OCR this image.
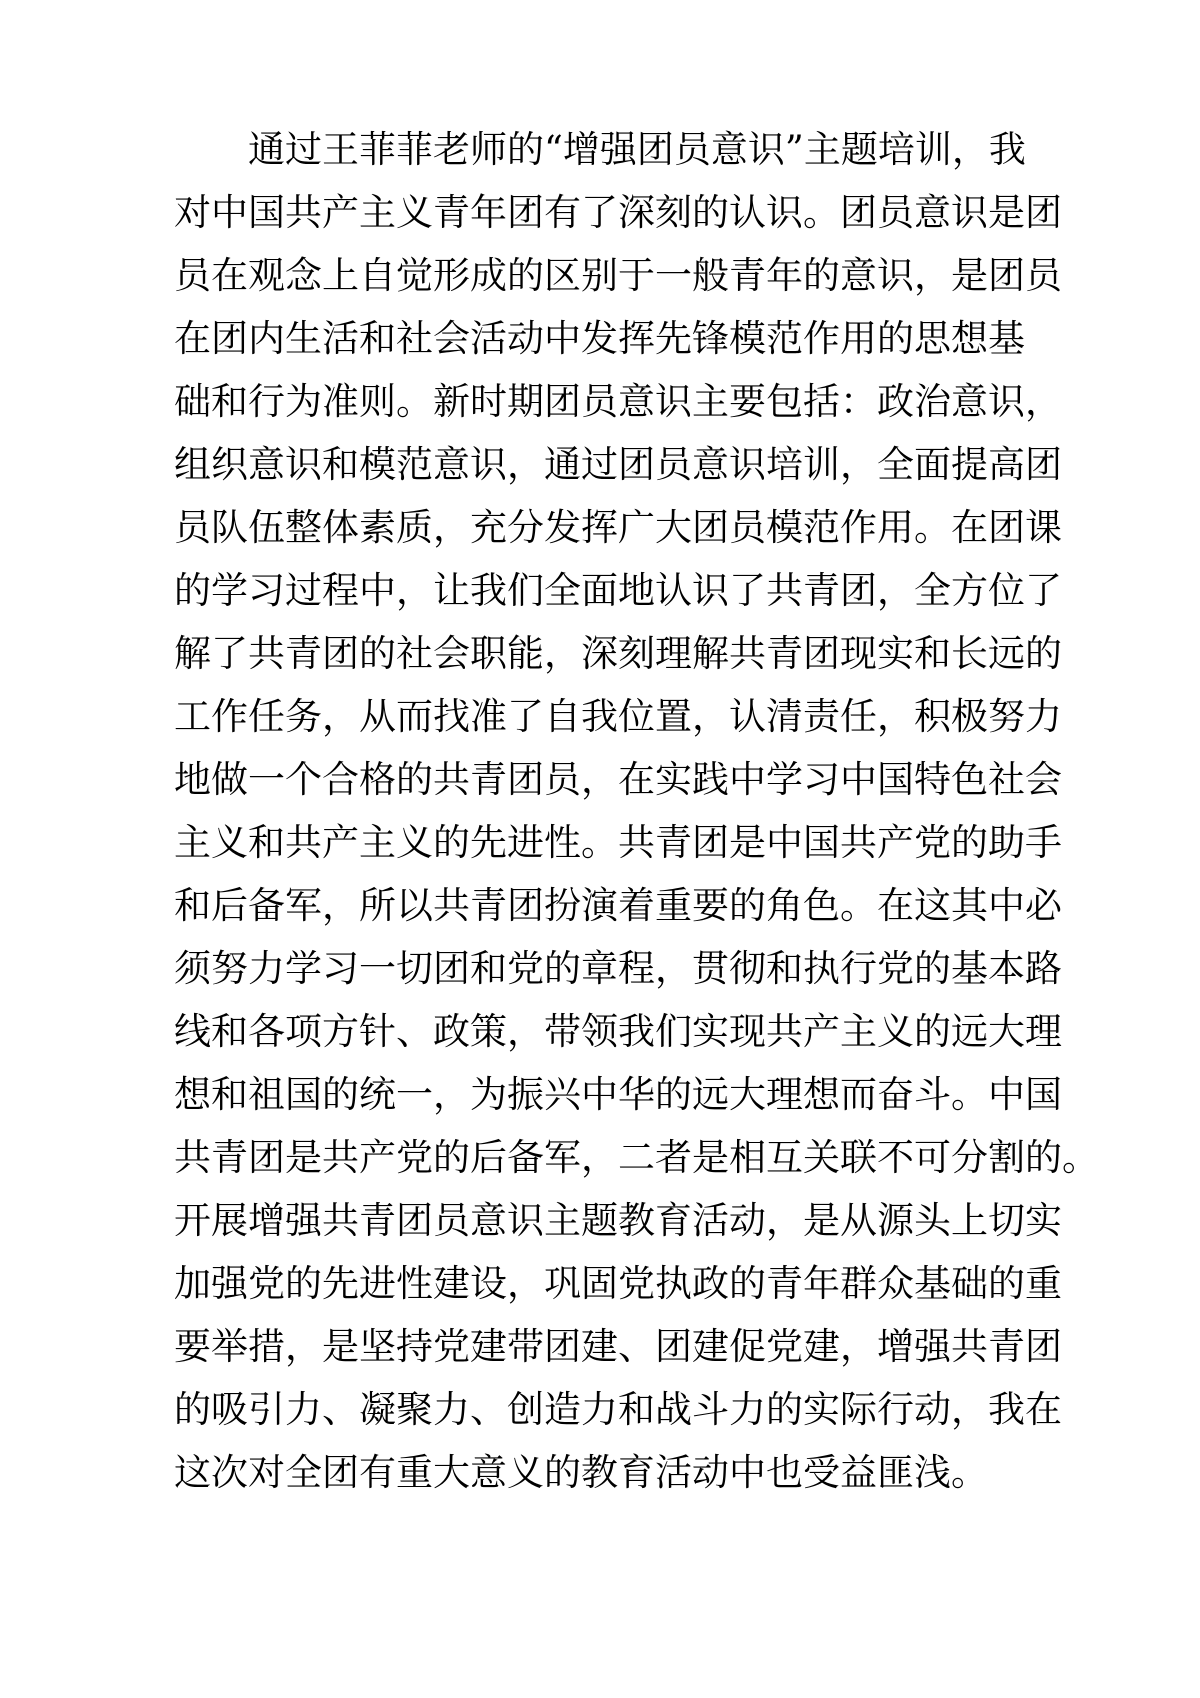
通过王菲菲老师的“增强团员意识”主题培训，我
对中国共产主义青年团有了深刻的认识。团员意识是团
员在观念上自觉形成的区别于一般青年的意识，是团员
在团内生活和社会活动中发挥先锋模范作用的思想基
础和行为准则。新时期团员意识主要包括：政治意识，
组织意识和模范意识，通过团员意识培训，全面提高团
员队伍整体素质，充分发挥广大团员模范作用。在团课
的学习过程中，让我们全面地认识了共青团，全方位了
解了共青团的社会职能，深刻理解共青团现实和长远的
工作任务，从而找准了自我位置，认清责任，积极努力
地做一个合格的共青团员，在实践中学习中国特色社会
主义和共产主义的先进性。共青团是中国共产党的助手
和后备军，所以共青团扮演着重要的角色。在这其中必
须努力学习一切团和党的章程，贯彻和执行党的基本路
线和各项方针、政策，带领我们实现共产主义的远大理
想和祖国的统一，为振兴中华的远大理想而奋斗。中国
共青团是共产党的后备军，二者是相互关联不可分割的。
开展增强共青团员意识主题教育活动，是从源头上切实
加强党的先进性建设，巩固党执政的青年群众基础的重
要举措，是坚持党建带团建、团建促党建，增强共青团
的吸引力、凝聚力、创造力和战斗力的实际行动，我在
这次对全团有重大意义的教育活动中也受益匪浅。
